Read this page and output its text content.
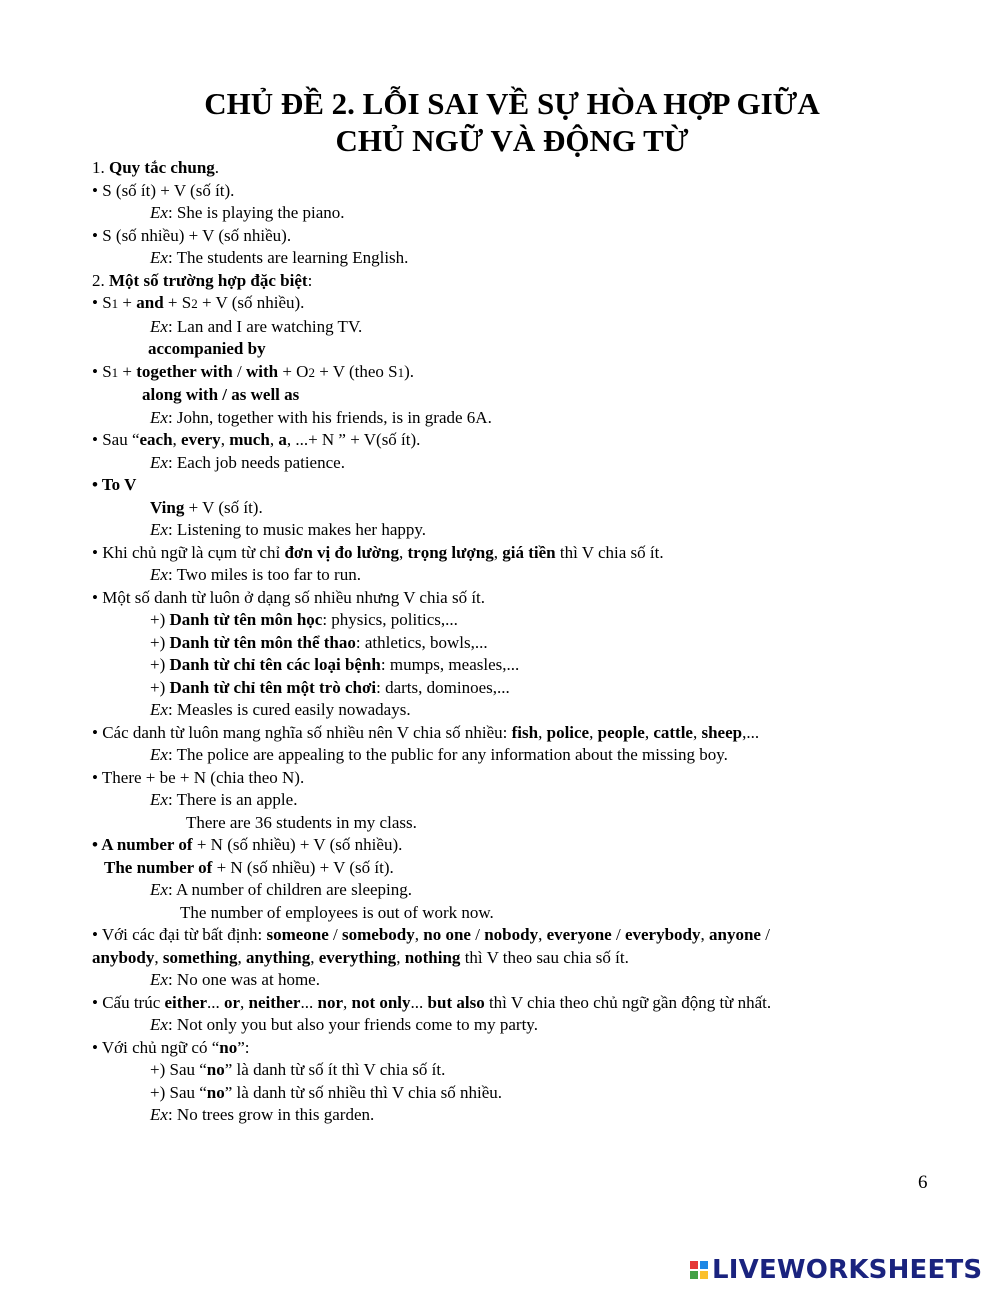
CHỦ ĐỀ 2. LỖI SAI VỀ SỰ HÒA HỢP GIỮA
CHỦ NGỮ VÀ ĐỘNG TỪ
1. Quy tắc chung.
• S (số ít) + V (số ít).
Ex: She is playing the piano.
• S (số nhiều) + V (số nhiều).
Ex: The students are learning English.
2. Một số trường hợp đặc biệt:
• S1 + and + S2 + V (số nhiều).
Ex: Lan and I are watching TV.
accompanied by
• S1 + together with / with + O2 + V (theo S1).
along with / as well as
Ex: John, together with his friends, is in grade 6A.
• Sau “each, every, much, a, ...+ N ” + V(số ít).
Ex: Each job needs patience.
• To V
Ving + V (số ít).
Ex: Listening to music makes her happy.
• Khi chủ ngữ là cụm từ chỉ đơn vị đo lường, trọng lượng, giá tiền thì V chia số ít.
Ex: Two miles is too far to run.
• Một số danh từ luôn ở dạng số nhiều nhưng V chia số ít.
+) Danh từ tên môn học: physics, politics,...
+) Danh từ tên môn thể thao: athletics, bowls,...
+) Danh từ chỉ tên các loại bệnh: mumps, measles,...
+) Danh từ chỉ tên một trò chơi: darts, dominoes,...
Ex: Measles is cured easily nowadays.
• Các danh từ luôn mang nghĩa số nhiều nên V chia số nhiều: fish, police, people, cattle, sheep,...
Ex: The police are appealing to the public for any information about the missing boy.
• There + be + N (chia theo N).
Ex: There is an apple.
There are 36 students in my class.
• A number of + N (số nhiều) + V (số nhiều).
The number of + N (số nhiều) + V (số ít).
Ex: A number of children are sleeping.
The number of employees is out of work now.
• Với các đại từ bất định: someone / somebody, no one / nobody, everyone / everybody, anyone /
anybody, something, anything, everything, nothing thì V theo sau chia số ít.
Ex: No one was at home.
• Cấu trúc either... or, neither... nor, not only... but also thì V chia theo chủ ngữ gần động từ nhất.
Ex: Not only you but also your friends come to my party.
• Với chủ ngữ có “no”:
+) Sau “no” là danh từ số ít thì V chia số ít.
+) Sau “no” là danh từ số nhiều thì V chia số nhiều.
Ex: No trees grow in this garden.
6
LIVEWORKSHEETS
